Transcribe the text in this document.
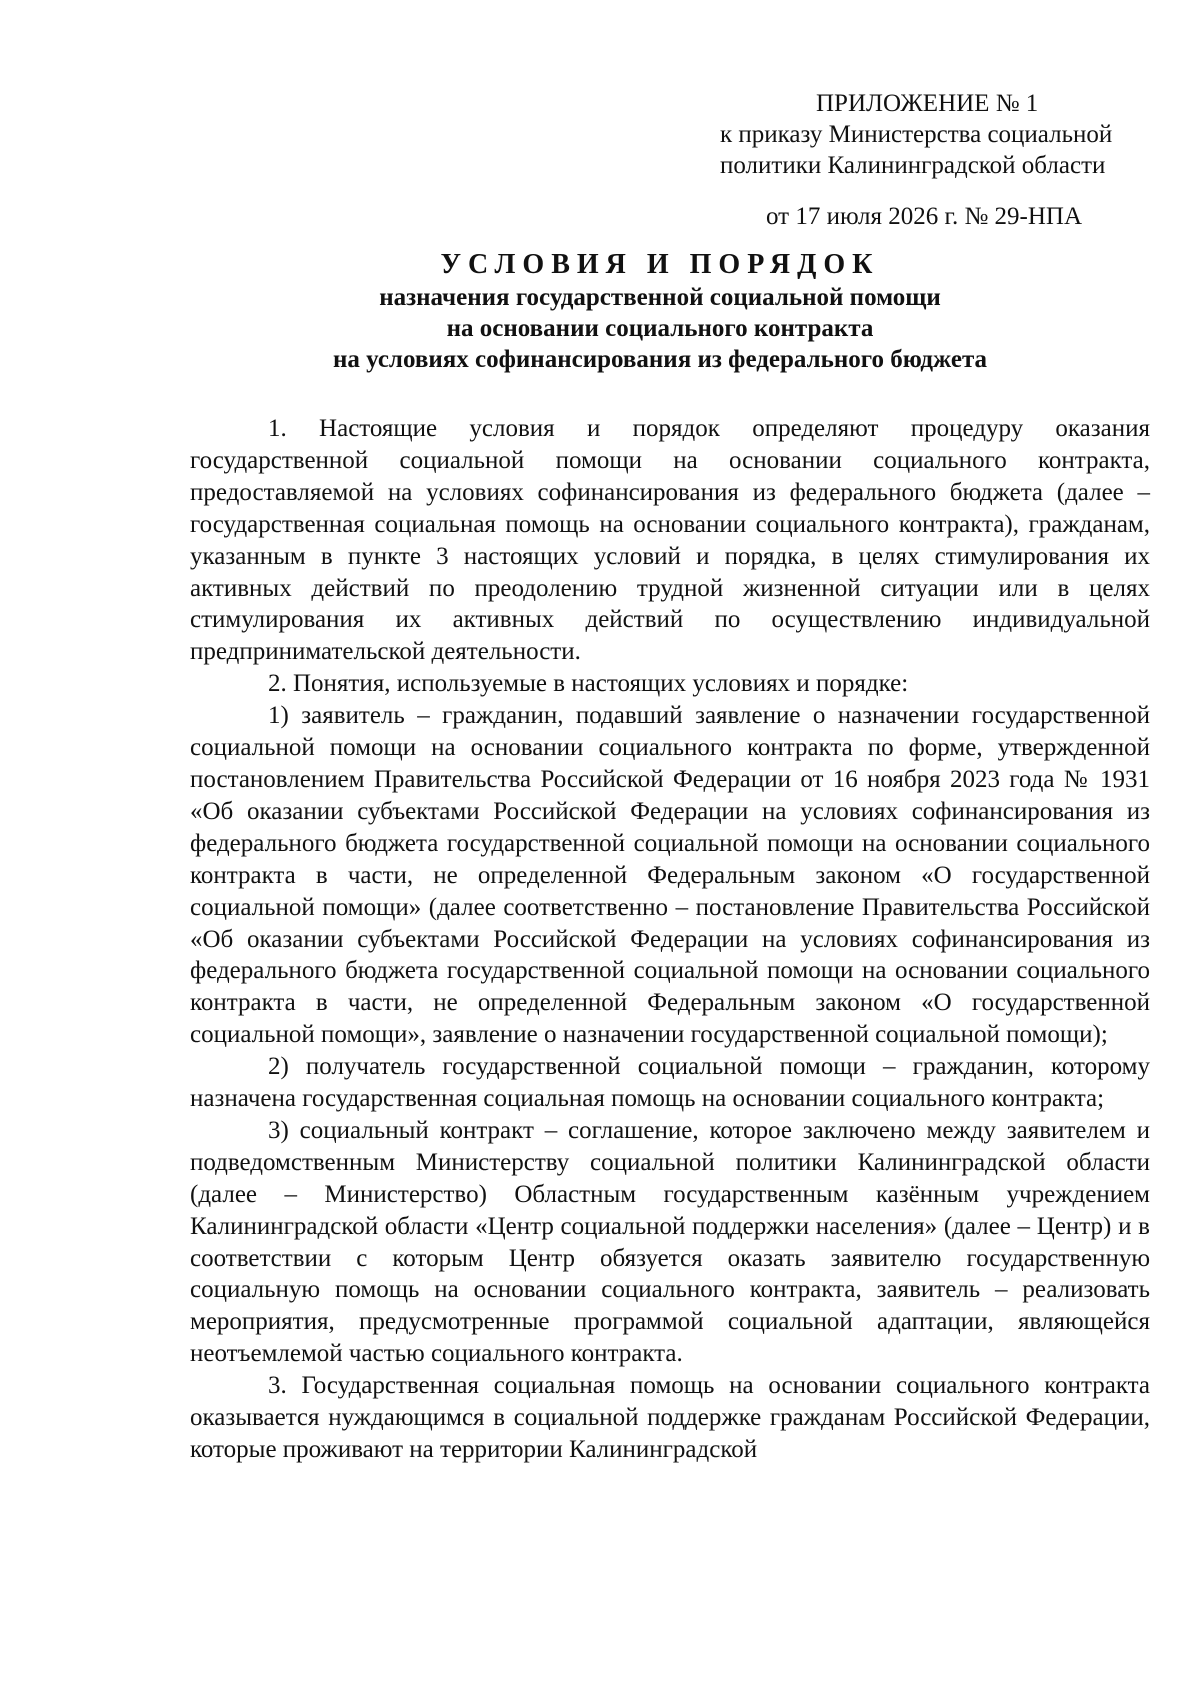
ПРИЛОЖЕНИЕ № 1
к приказу Министерства социальной
политики Калининградской области
от 17 июля 2026 г. № 29-НПА
УСЛОВИЯ И ПОРЯДОК
назначения государственной социальной помощи
на основании социального контракта
на условиях софинансирования из федерального бюджета

1. Настоящие условия и порядок определяют процедуру оказания государственной социальной помощи на основании социального контракта, предоставляемой на условиях софинансирования из федерального бюджета (далее – государственная социальная помощь на основании социального контракта), гражданам, указанным в пункте 3 настоящих условий и порядка, в целях стимулирования их активных действий по преодолению трудной жизненной ситуации или в целях стимулирования их активных действий по осуществлению индивидуальной предпринимательской деятельности.

2. Понятия, используемые в настоящих условиях и порядке:

1) заявитель – гражданин, подавший заявление о назначении государственной социальной помощи на основании социального контракта по форме, утвержденной постановлением Правительства Российской Федерации от 16 ноября 2023 года № 1931 «Об оказании субъектами Российской Федерации на условиях софинансирования из федерального бюджета государственной социальной помощи на основании социального контракта в части, не определенной Федеральным законом «О государственной социальной помощи» (далее соответственно – постановление Правительства Российской «Об оказании субъектами Российской Федерации на условиях софинансирования из федерального бюджета государственной социальной помощи на основании социального контракта в части, не определенной Федеральным законом «О государственной социальной помощи», заявление о назначении государственной социальной помощи);

2) получатель государственной социальной помощи – гражданин, которому назначена государственная социальная помощь на основании социального контракта;

3) социальный контракт – соглашение, которое заключено между заявителем и подведомственным Министерству социальной политики Калининградской области (далее – Министерство) Областным государственным казённым учреждением Калининградской области «Центр социальной поддержки населения» (далее – Центр) и в соответствии с которым Центр обязуется оказать заявителю государственную социальную помощь на основании социального контракта, заявитель – реализовать мероприятия, предусмотренные программой социальной адаптации, являющейся неотъемлемой частью социального контракта.

3. Государственная социальная помощь на основании социального контракта оказывается нуждающимся в социальной поддержке гражданам Российской Федерации, которые проживают на территории Калининградской
